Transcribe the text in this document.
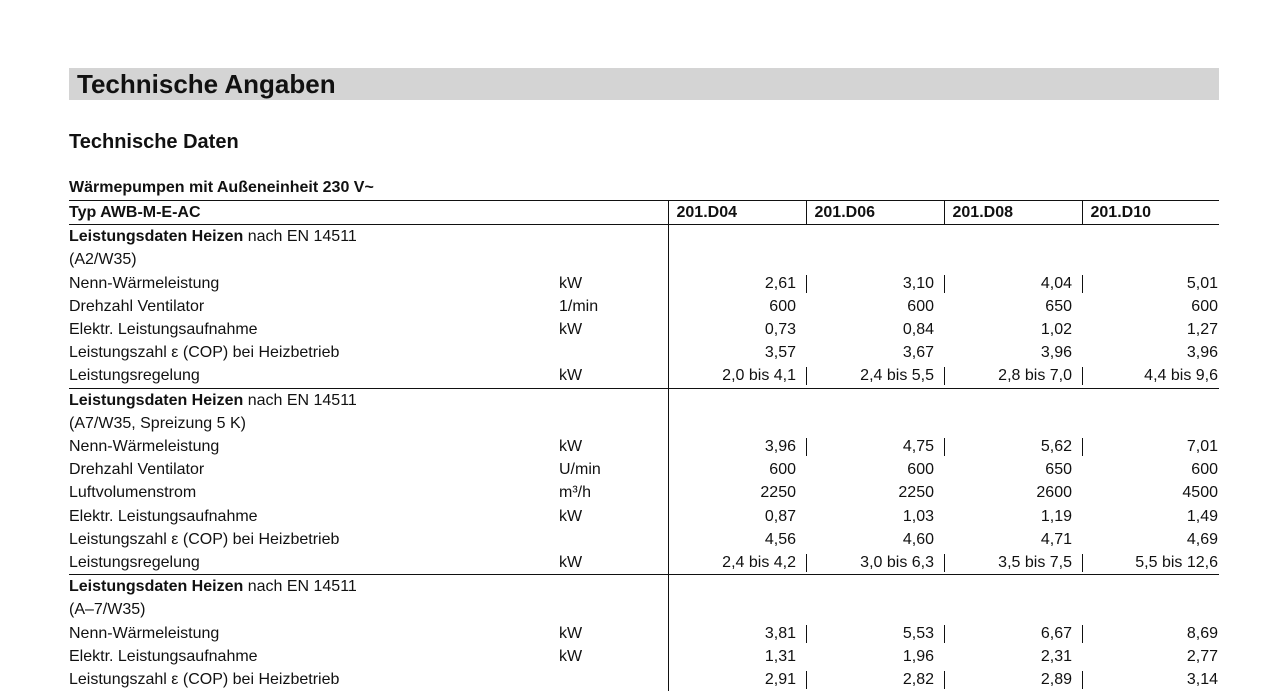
Technische Angaben
Technische Daten
Wärmepumpen mit Außeneinheit 230 V~
Typ AWB-M-E-AC		201.D04	201.D06	201.D08	201.D10
Leistungsdaten Heizen nach EN 14511					
(A2/W35)					
Nenn-Wärmeleistung	kW	2,61	3,10	4,04	5,01

Drehzahl Ventilator	1/min	600	600	650	600

Elektr. Leistungsaufnahme	kW	0,73	0,84	1,02	1,27

Leistungszahl ε (COP) bei Heizbetrieb		3,57	3,67	3,96	3,96

Leistungsregelung	kW	2,0 bis 4,1	2,4 bis 5,5	2,8 bis 7,0	4,4 bis 9,6

Leistungsdaten Heizen nach EN 14511					
(A7/W35, Spreizung 5 K)					
Nenn-Wärmeleistung	kW	3,96	4,75	5,62	7,01

Drehzahl Ventilator	U/min	600	600	650	600

Luftvolumenstrom	m³/h	2250	2250	2600	4500

Elektr. Leistungsaufnahme	kW	0,87	1,03	1,19	1,49

Leistungszahl ε (COP) bei Heizbetrieb		4,56	4,60	4,71	4,69

Leistungsregelung	kW	2,4 bis 4,2	3,0 bis 6,3	3,5 bis 7,5	5,5 bis 12,6

Leistungsdaten Heizen nach EN 14511					
(A–7/W35)					
Nenn-Wärmeleistung	kW	3,81	5,53	6,67	8,69

Elektr. Leistungsaufnahme	kW	1,31	1,96	2,31	2,77

Leistungszahl ε (COP) bei Heizbetrieb		2,91	2,82	2,89	3,14
